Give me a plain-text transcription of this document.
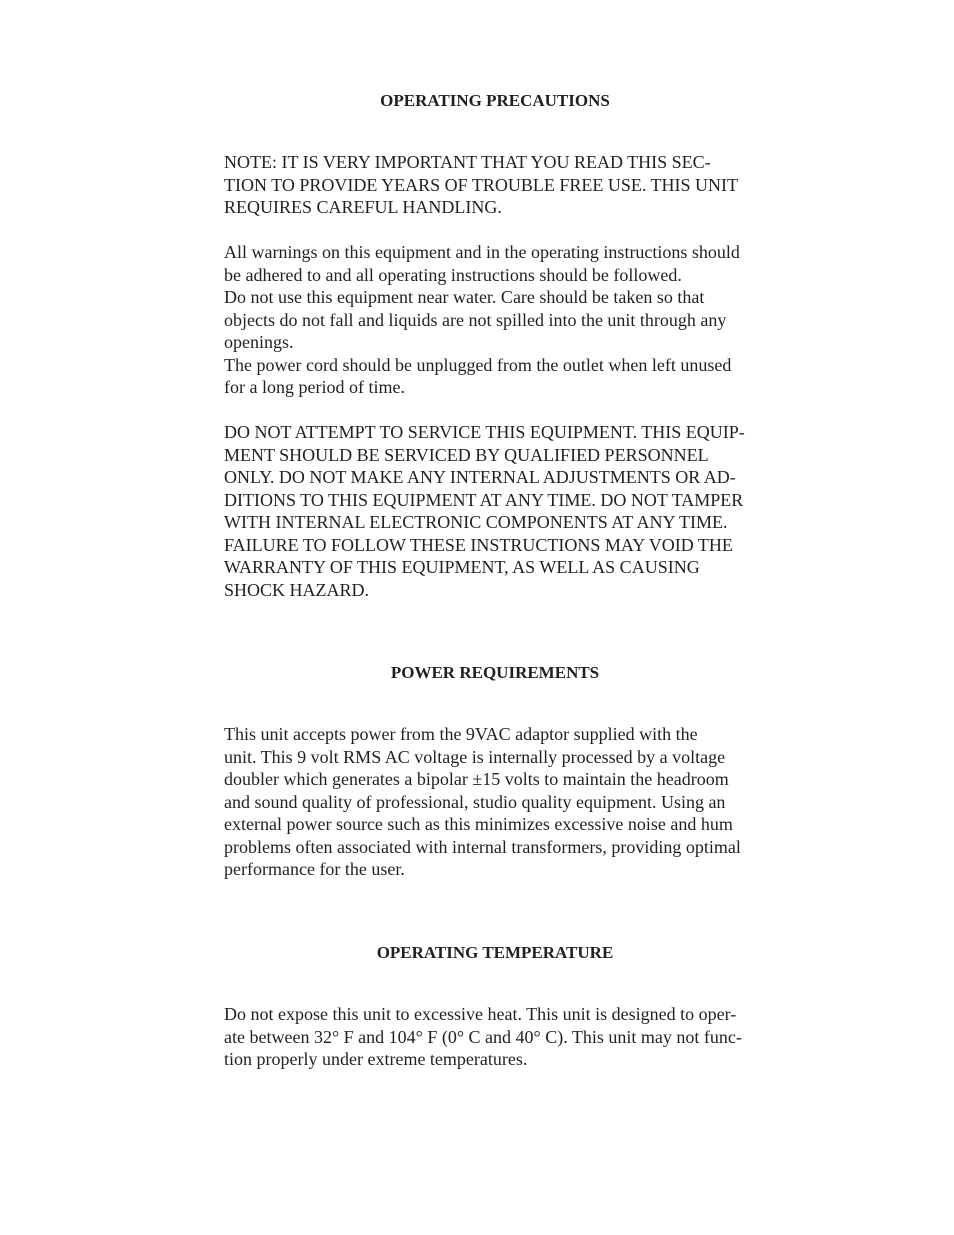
OPERATING PRECAUTIONS
NOTE: IT IS VERY IMPORTANT THAT YOU READ THIS SEC-
TION TO PROVIDE YEARS OF TROUBLE FREE USE. THIS UNIT
REQUIRES CAREFUL HANDLING.
All warnings on this equipment and in the operating instructions should
be adhered to and all operating instructions should be followed.
Do not use this equipment near water. Care should be taken so that
objects do not fall and liquids are not spilled into the unit through any
openings.
The power cord should be unplugged from the outlet when left unused
for a long period of time.
DO NOT ATTEMPT TO SERVICE THIS EQUIPMENT. THIS EQUIP-
MENT SHOULD BE SERVICED BY QUALIFIED PERSONNEL
ONLY. DO NOT MAKE ANY INTERNAL ADJUSTMENTS OR AD-
DITIONS TO THIS EQUIPMENT AT ANY TIME. DO NOT TAMPER
WITH INTERNAL ELECTRONIC COMPONENTS AT ANY TIME.
FAILURE TO FOLLOW THESE INSTRUCTIONS MAY VOID THE
WARRANTY OF THIS EQUIPMENT, AS WELL AS CAUSING
SHOCK HAZARD.
POWER REQUIREMENTS
This unit accepts power from the 9VAC adaptor supplied with the
unit. This 9 volt RMS AC voltage is internally processed by a voltage
doubler which generates a bipolar ±15 volts to maintain the headroom
and sound quality of professional, studio quality equipment. Using an
external power source such as this minimizes excessive noise and hum
problems often associated with internal transformers, providing optimal
performance for the user.
OPERATING TEMPERATURE
Do not expose this unit to excessive heat. This unit is designed to oper-
ate between 32° F and 104° F (0° C and 40° C). This unit may not func-
tion properly under extreme temperatures.
